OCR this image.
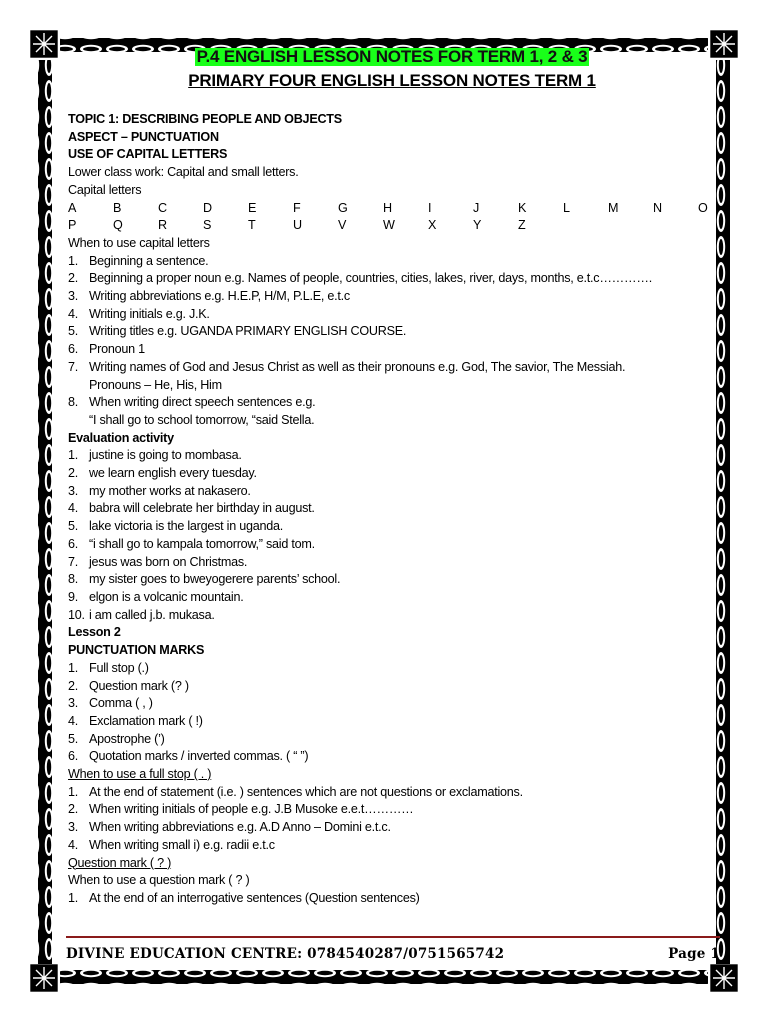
P.4 ENGLISH LESSON NOTES FOR TERM 1, 2 & 3
PRIMARY FOUR ENGLISH LESSON NOTES TERM 1
TOPIC 1: DESCRIBING PEOPLE AND OBJECTS
ASPECT – PUNCTUATION
USE OF CAPITAL LETTERS
Lower class work: Capital and small letters.
Capital letters
A	B	C	D	E	F	G	H	I	J	K	L	M	N	O
P	Q	R	S	T	U	V	W	X	Y	Z
When to use capital letters
1. Beginning a sentence.
2. Beginning a proper noun e.g. Names of people, countries, cities, lakes, river, days, months, e.t.c………….
3. Writing abbreviations e.g. H.E.P, H/M, P.L.E, e.t.c
4. Writing initials e.g. J.K.
5. Writing titles e.g. UGANDA PRIMARY ENGLISH COURSE.
6. Pronoun 1
7. Writing names of God and Jesus Christ as well as their pronouns e.g. God, The savior, The Messiah.
Pronouns – He, His, Him
8. When writing direct speech sentences e.g.
“I shall go to school tomorrow, “said Stella.
Evaluation activity
1. justine is going to mombasa.
2. we learn english every tuesday.
3. my mother works at nakasero.
4. babra will celebrate her birthday in august.
5. lake victoria is the largest in uganda.
6. “i shall go to kampala tomorrow,” said tom.
7. jesus was born on Christmas.
8. my sister goes to bweyogerere parents’ school.
9. elgon is a volcanic mountain.
10. i am called j.b. mukasa.
Lesson 2
PUNCTUATION MARKS
1. Full stop (.)
2. Question mark (? )
3. Comma ( , )
4. Exclamation mark ( !)
5. Apostrophe (’)
6. Quotation marks / inverted commas. ( “ ”)
When to use a full stop ( . )
1. At the end of statement (i.e. ) sentences which are not questions or exclamations.
2. When writing initials of people e.g. J.B Musoke e.e.t…………
3. When writing abbreviations e.g. A.D Anno – Domini e.t.c.
4. When writing small i) e.g. radii e.t.c
Question mark ( ? )
When to use a question mark ( ? )
1. At the end of an interrogative sentences (Question sentences)
DIVINE EDUCATION CENTRE: 0784540287/0751565742	Page 1
